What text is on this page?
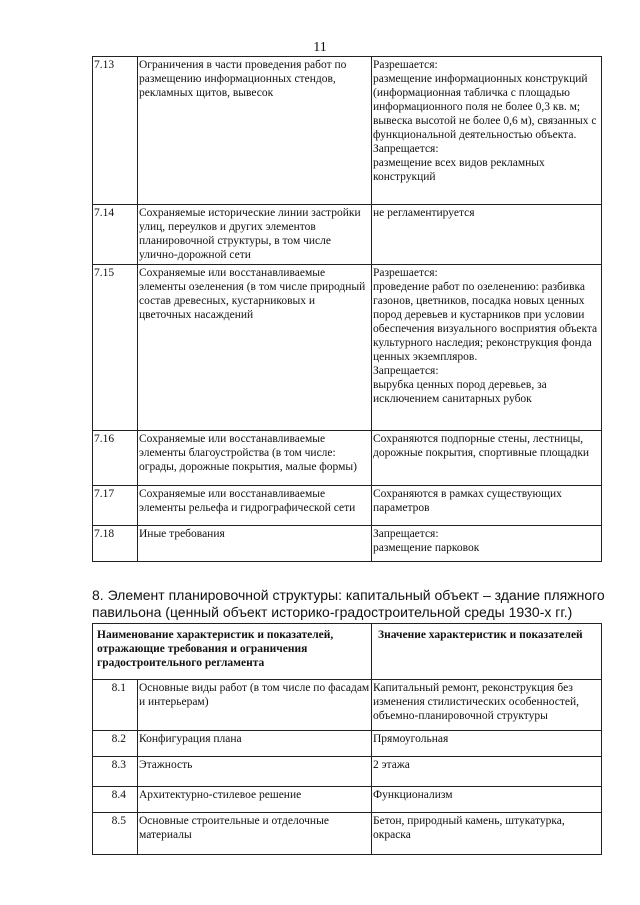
11
7.13	Ограничения в части проведения работ по размещению информационных стендов, рекламных щитов, вывесок	Разрешается:
размещение информационных конструкций (информационная табличка с площадью информационного поля не более 0,3 кв. м; вывеска высотой не более 0,6 м), связанных с функциональной деятельностью объекта.
Запрещается:
размещение всех видов рекламных конструкций
7.14	Сохраняемые исторические линии застройки улиц, переулков и других элементов планировочной структуры, в том числе улично-дорожной сети	не регламентируется
7.15	Сохраняемые или восстанавливаемые элементы озеленения (в том числе природный состав древесных, кустарниковых и цветочных насаждений	Разрешается:
проведение работ по озеленению: разбивка газонов, цветников, посадка новых ценных пород деревьев и кустарников при условии обеспечения визуального восприятия объекта культурного наследия; реконструкция фонда ценных экземпляров.
Запрещается:
вырубка ценных пород деревьев, за исключением санитарных рубок
7.16	Сохраняемые или восстанавливаемые элементы благоустройства (в том числе: ограды, дорожные покрытия, малые формы)	Сохраняются подпорные стены, лестницы, дорожные покрытия, спортивные площадки
7.17	Сохраняемые или восстанавливаемые элементы рельефа и гидрографической сети	Сохраняются в рамках существующих параметров
7.18	Иные требования	Запрещается:
размещение парковок
8. Элемент планировочной структуры: капитальный объект – здание пляжного павильона (ценный объект историко-градостроительной среды 1930-х гг.)
Наименование характеристик и показателей, отражающие требования и ограничения градостроительного регламента		Значение характеристик и показателей
8.1	Основные виды работ (в том числе по фасадам и интерьерам)	Капитальный ремонт, реконструкция без изменения стилистических особенностей, объемно-планировочной структуры
8.2	Конфигурация плана	Прямоугольная
8.3	Этажность	2 этажа
8.4	Архитектурно-стилевое решение	Функционализм
8.5	Основные строительные и отделочные материалы	Бетон, природный камень, штукатурка, окраска
